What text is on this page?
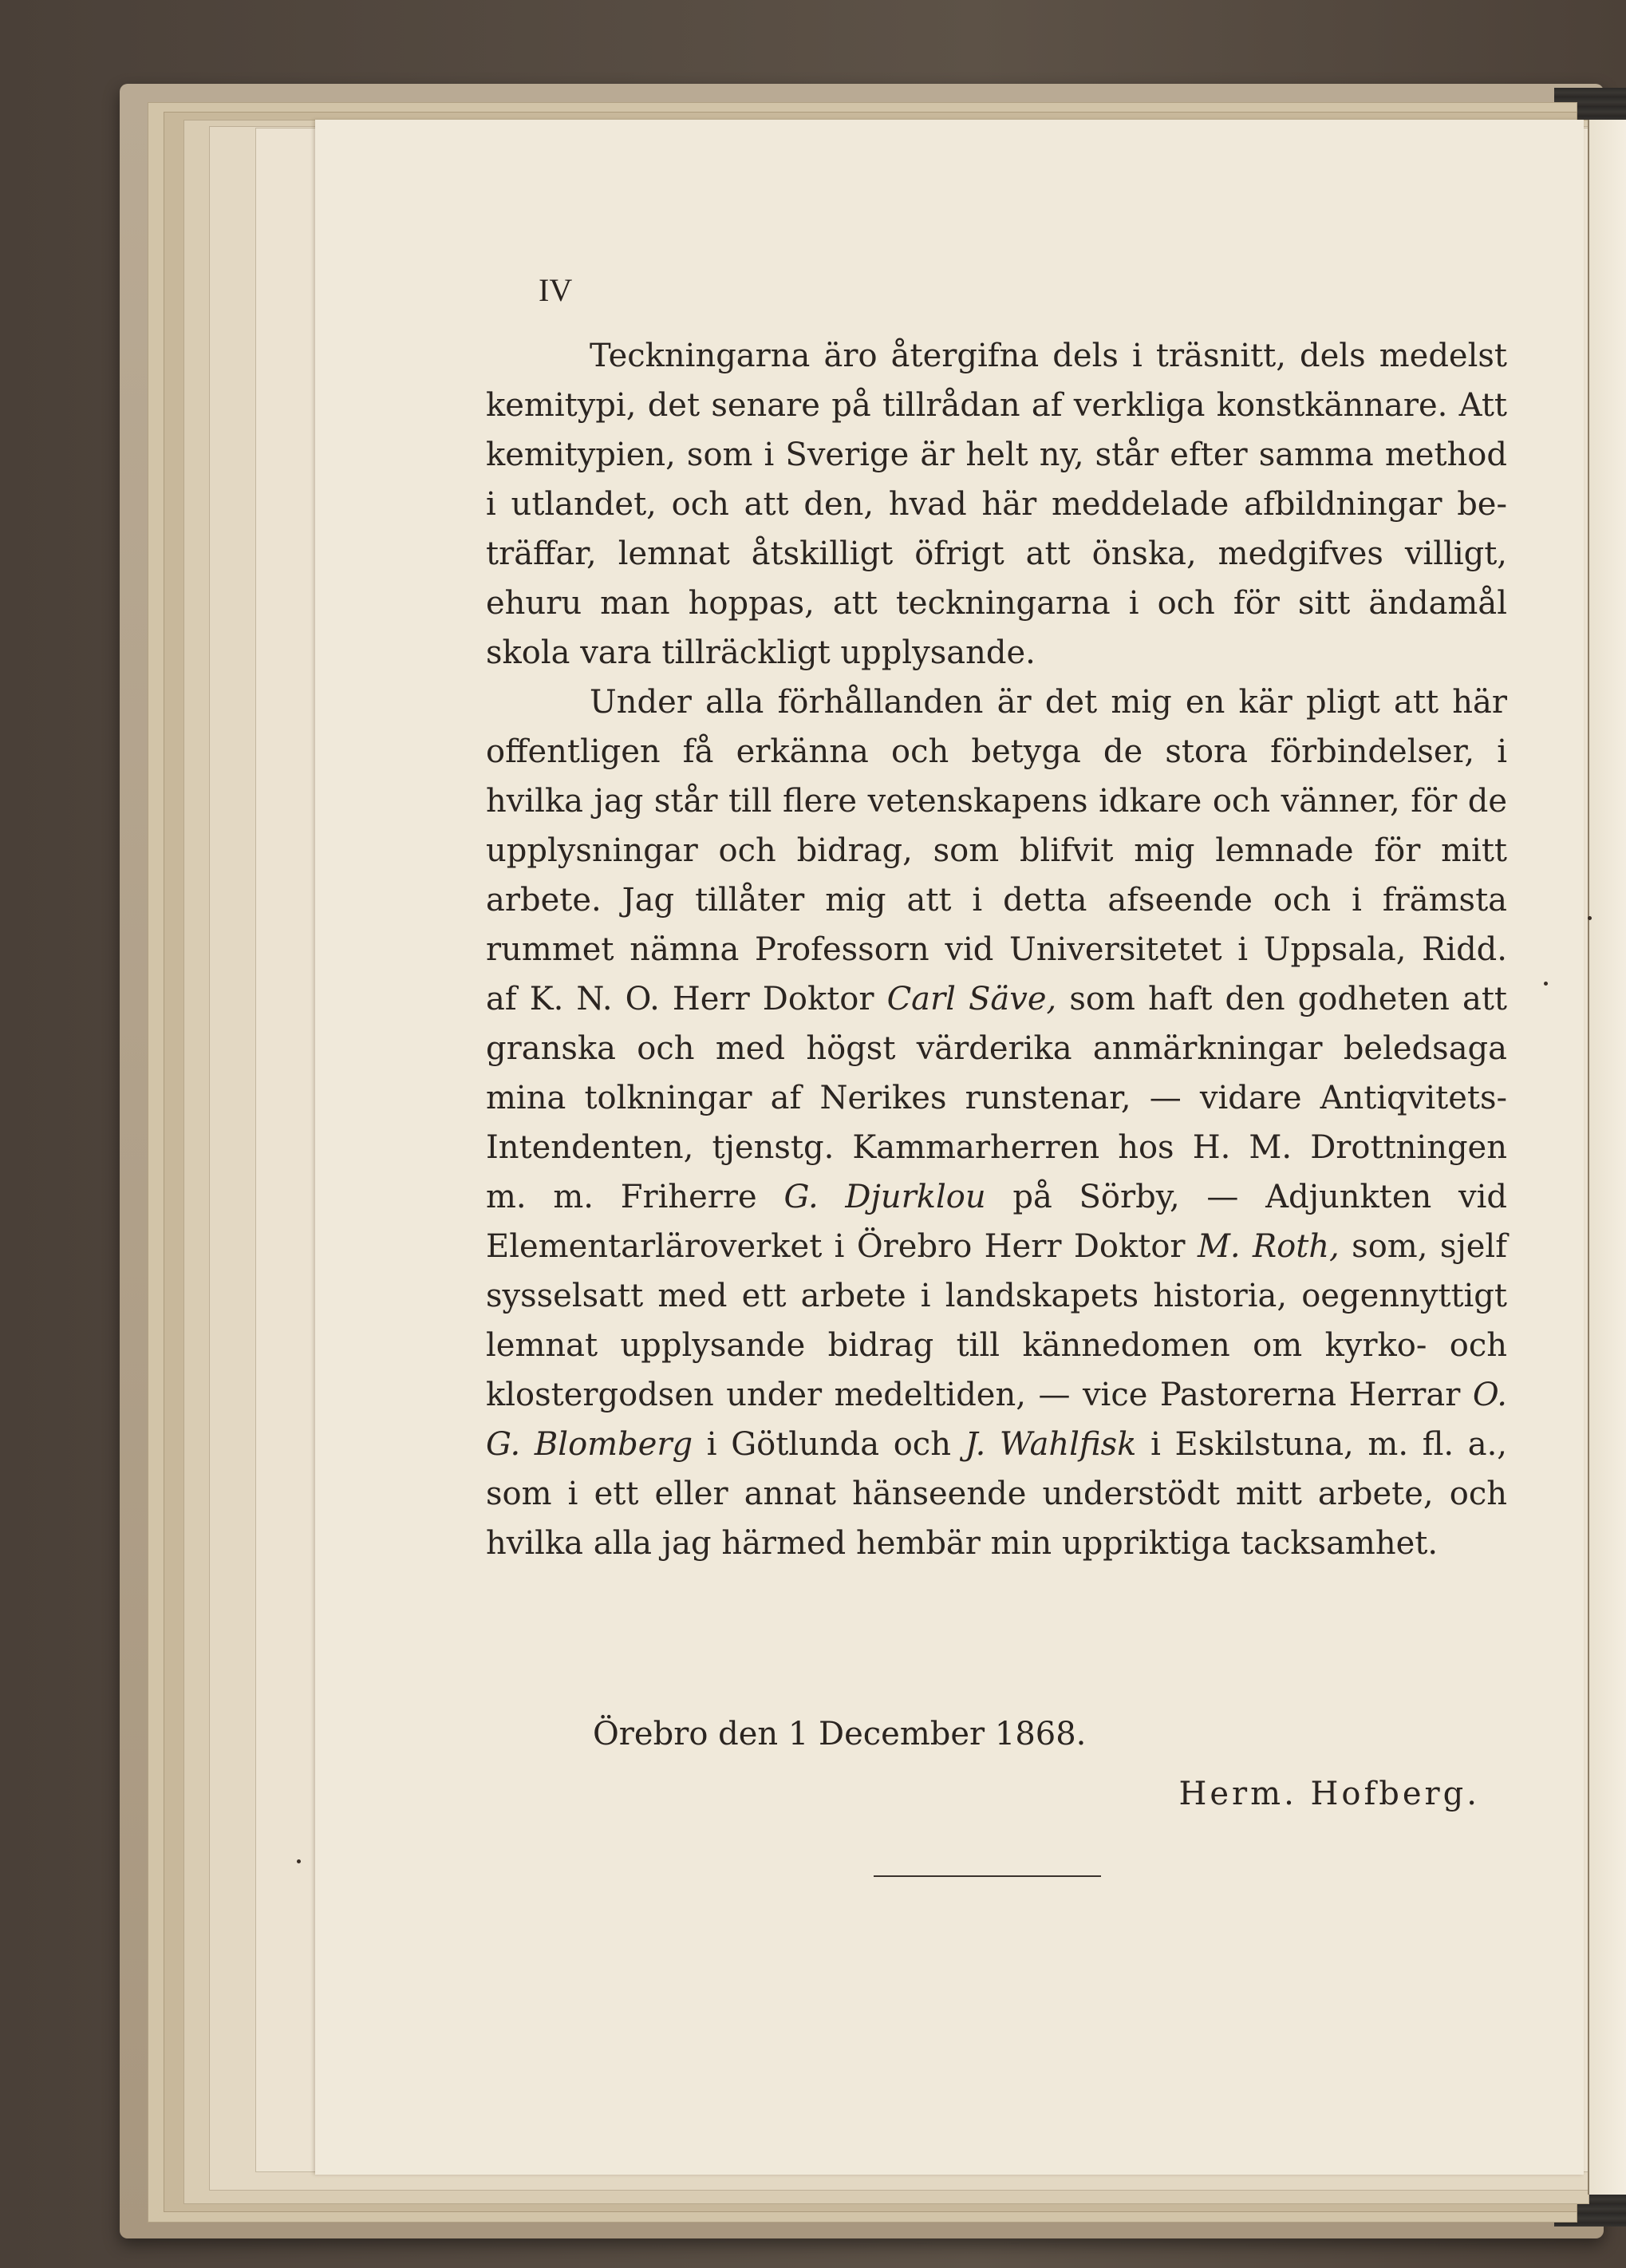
IV

Teckningarna äro återgifna dels i träsnitt, dels medelst kemitypi, det senare på tillrådan af verkliga konstkännare. Att kemitypien, som i Sverige är helt ny, står efter samma method i utlandet, och att den, hvad här meddelade afbildningar beträffar, lemnat åtskilligt öfrigt att önska, medgifves villigt, ehuru man hoppas, att teckningarna i och för sitt ändamål skola vara tillräckligt upplysande.

Under alla förhållanden är det mig en kär pligt att här offentligen få erkänna och betyga de stora förbindelser, i hvilka jag står till flere vetenskapens idkare och vänner, för de upplysningar och bidrag, som blifvit mig lemnade för mitt arbete. Jag tillåter mig att i detta afseende och i främsta rummet nämna Professorn vid Universitetet i Uppsala, Ridd. af K. N. O. Herr Doktor Carl Säve, som haft den godheten att granska och med högst värderika anmärkningar beledsaga mina tolkningar af Nerikes runstenar, — vidare Antiqvitets-Intendenten, tjenstg. Kammarherren hos H. M. Drottningen m. m. Friherre G. Djurklou på Sörby, — Adjunkten vid Elementarläroverket i Örebro Herr Doktor M. Roth, som, sjelf sysselsatt med ett arbete i landskapets historia, oegennyttigt lemnat upplysande bidrag till kännedomen om kyrko- och klostergodsen under medeltiden, — vice Pastorerna Herrar O. G. Blomberg i Götlunda och J. Wahlfisk i Eskilstuna, m. fl. a., som i ett eller annat hänseende understödt mitt arbete, och hvilka alla jag härmed hembär min uppriktiga tacksamhet.

Örebro den 1 December 1868.
Herm. Hofberg.
